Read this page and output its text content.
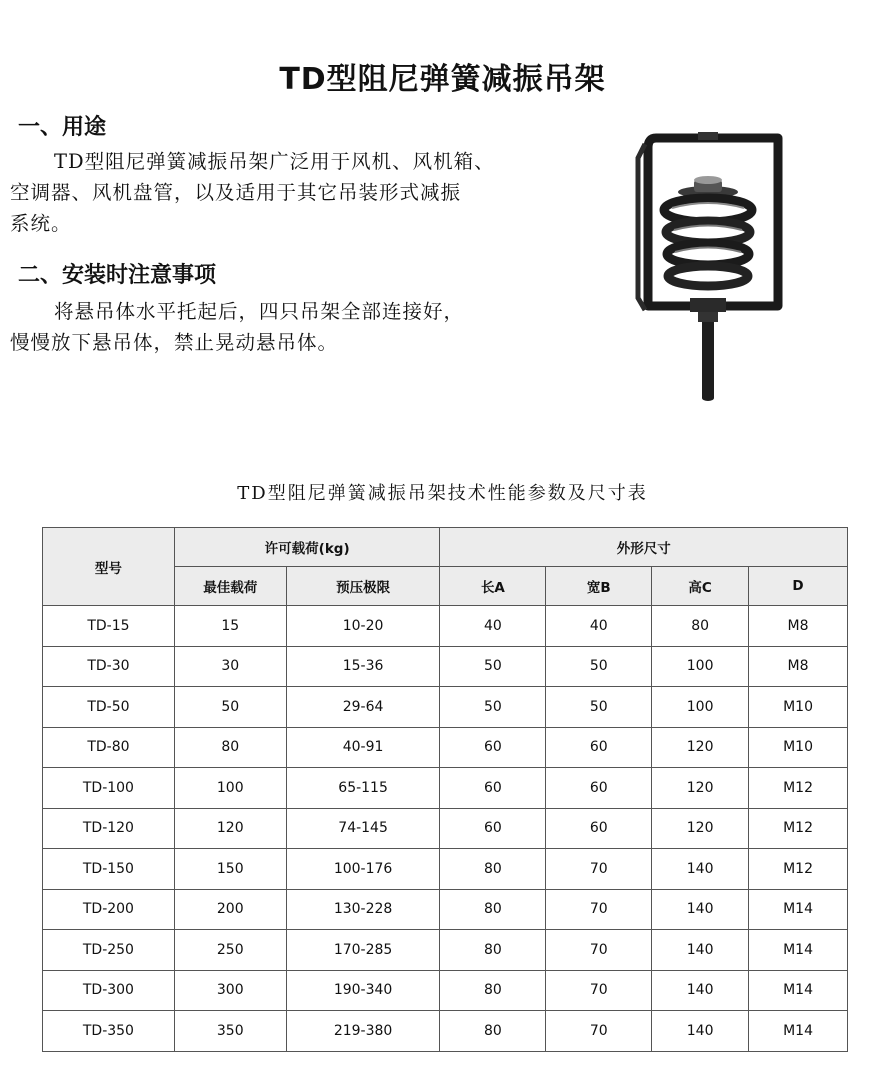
TD型阻尼弹簧减振吊架
一、用途

TD型阻尼弹簧减振吊架广泛用于风机、风机箱、
空调器、风机盘管，以及适用于其它吊装形式减振
系统。

二、安装时注意事项

将悬吊体水平托起后，四只吊架全部连接好，
慢慢放下悬吊体，禁止晃动悬吊体。

TD型阻尼弹簧减振吊架技术性能参数及尺寸表
型号	许可载荷(kg)		外形尺寸			
	最佳载荷	预压极限	长A	宽B	高C	D
TD-15	15	10-20	40	40	80	M8
TD-30	30	15-36	50	50	100	M8
TD-50	50	29-64	50	50	100	M10
TD-80	80	40-91	60	60	120	M10
TD-100	100	65-115	60	60	120	M12
TD-120	120	74-145	60	60	120	M12
TD-150	150	100-176	80	70	140	M12
TD-200	200	130-228	80	70	140	M14
TD-250	250	170-285	80	70	140	M14
TD-300	300	190-340	80	70	140	M14
TD-350	350	219-380	80	70	140	M14
